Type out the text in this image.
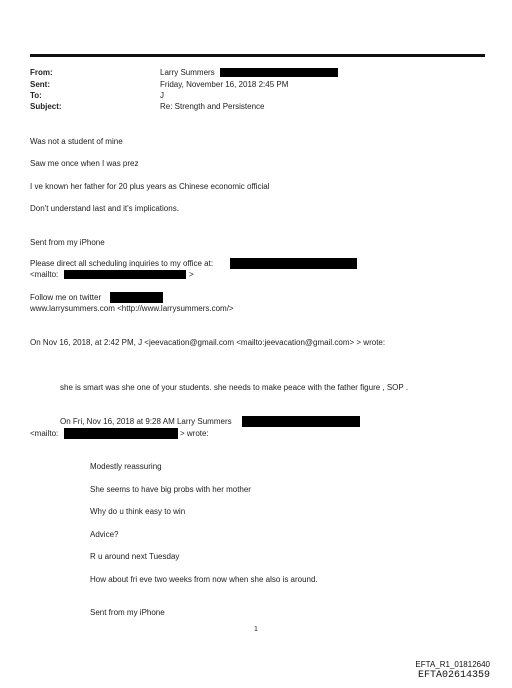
From:	Larry Summers
Sent:	Friday, November 16, 2018 2:45 PM
To:	J
Subject:	Re: Strength and Persistence
Was not a student of mine
Saw me once when I was prez
I ve known her father for 20 plus years as Chinese economic official
Don't understand last and it's implications.
Sent from my iPhone
Please direct all scheduling inquiries to my office at:
<mailto:	>
Follow me on twitter
www.larrysummers.com <http://www.larrysummers.com/>
On Nov 16, 2018, at 2:42 PM, J <jeevacation@gmail.com <mailto:jeevacation@gmail.com> > wrote:
she is smart was she one of your students. she needs to make peace with the father figure , SOP .
On Fri, Nov 16, 2018 at 9:28 AM Larry Summers
<mailto:	> wrote:
Modestly reassuring
She seems to have big probs with her mother
Why do u think easy to win
Advice?
R u around next Tuesday
How about fri eve two weeks from now when she also is around.
Sent from my iPhone
1
EFTA_R1_01812640
EFTA02614359
